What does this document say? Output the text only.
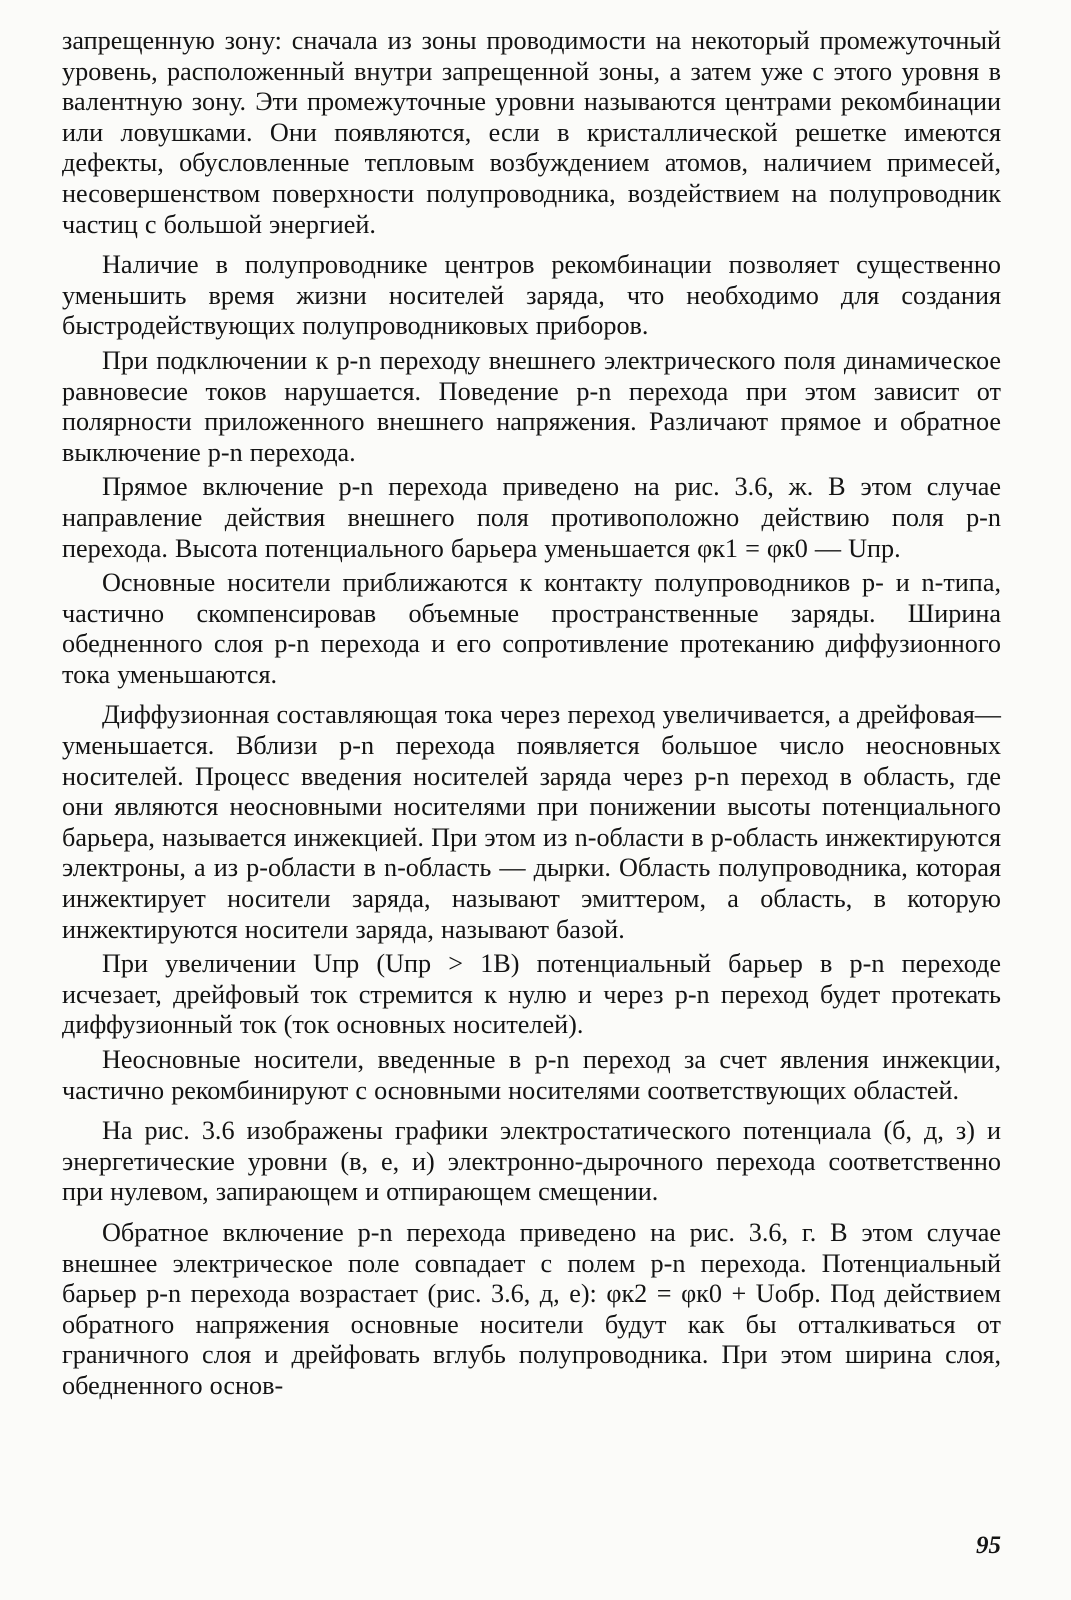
запрещенную зону: сначала из зоны проводимости на некоторый промежуточный уровень, расположенный внутри запрещенной зоны, а затем уже с этого уровня в валентную зону. Эти промежуточные уровни называются центрами рекомбинации или ловушками. Они появляются, если в кристаллической решетке имеются дефекты, обусловленные тепловым возбуждением атомов, наличием примесей, несовершенством поверхности полупроводника, воздействием на полупроводник частиц с большой энергией.

Наличие в полупроводнике центров рекомбинации позволяет существенно уменьшить время жизни носителей заряда, что необходимо для создания быстродействующих полупроводниковых приборов.

При подключении к p-n переходу внешнего электрического поля динамическое равновесие токов нарушается. Поведение p-n перехода при этом зависит от полярности приложенного внешнего напряжения. Различают прямое и обратное выключение p-n перехода.

Прямое включение p-n перехода приведено на рис. 3.6, ж. В этом случае направление действия внешнего поля противоположно действию поля p-n перехода. Высота потенциального барьера уменьшается φк1 = φк0 — Uпр.

Основные носители приближаются к контакту полупроводников p- и n-типа, частично скомпенсировав объемные пространственные заряды. Ширина обедненного слоя p-n перехода и его сопротивление протеканию диффузионного тока уменьшаются.

Диффузионная составляющая тока через переход увеличивается, а дрейфовая—уменьшается. Вблизи p-n перехода появляется большое число неосновных носителей. Процесс введения носителей заряда через p-n переход в область, где они являются неосновными носителями при понижении высоты потенциального барьера, называется инжекцией. При этом из n-области в p-область инжектируются электроны, а из p-области в n-область — дырки. Область полупроводника, которая инжектирует носители заряда, называют эмиттером, а область, в которую инжектируются носители заряда, называют базой.

При увеличении Uпр (Uпр > 1В) потенциальный барьер в p-n переходе исчезает, дрейфовый ток стремится к нулю и через p-n переход будет протекать диффузионный ток (ток основных носителей).

Неосновные носители, введенные в p-n переход за счет явления инжекции, частично рекомбинируют с основными носителями соответствующих областей.

На рис. 3.6 изображены графики электростатического потенциала (б, д, з) и энергетические уровни (в, е, и) электронно-дырочного перехода соответственно при нулевом, запирающем и отпирающем смещении.

Обратное включение p-n перехода приведено на рис. 3.6, г. В этом случае внешнее электрическое поле совпадает с полем p-n перехода. Потенциальный барьер p-n перехода возрастает (рис. 3.6, д, е): φк2 = φк0 + Uобр. Под действием обратного напряжения основные носители будут как бы отталкиваться от граничного слоя и дрейфовать вглубь полупроводника. При этом ширина слоя, обедненного основ-

95
